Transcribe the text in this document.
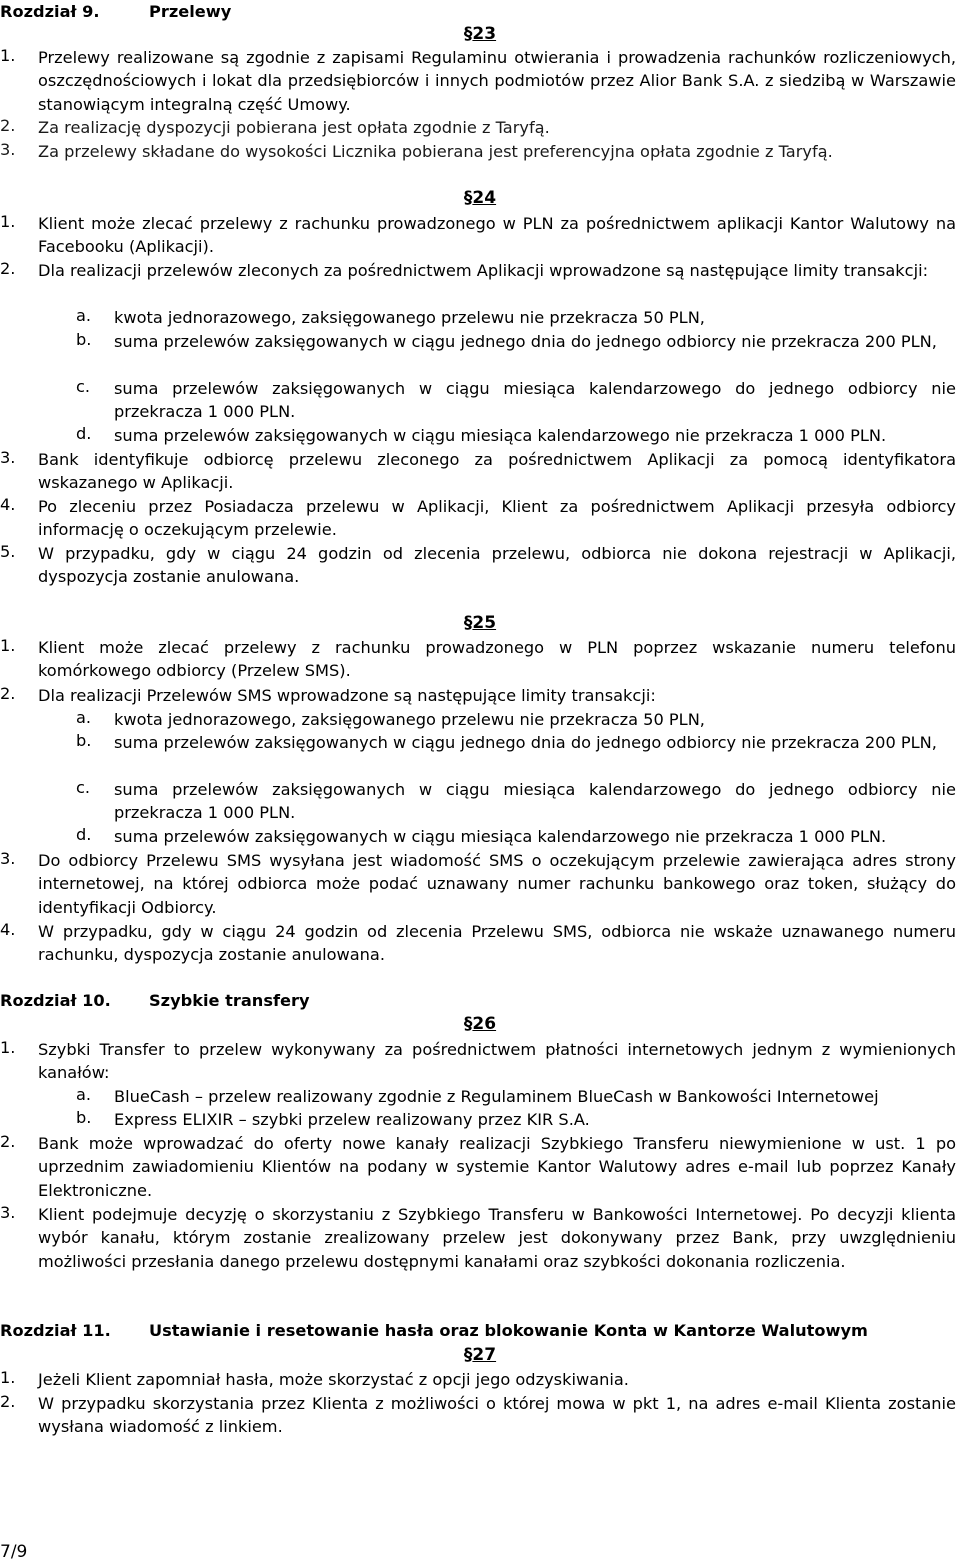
Rozdział 9.	Przelewy
§23
1. Przelewy realizowane są zgodnie z zapisami Regulaminu otwierania i prowadzenia rachunków rozliczeniowych, oszczędnościowych i lokat dla przedsiębiorców i innych podmiotów przez Alior Bank S.A. z siedzibą w Warszawie stanowiącym integralną część Umowy.
2. Za realizację dyspozycji pobierana jest opłata zgodnie z Taryfą.
3. Za przelewy składane do wysokości Licznika pobierana jest preferencyjna opłata zgodnie z Taryfą.
§24
1. Klient może zlecać przelewy z rachunku prowadzonego w PLN za pośrednictwem aplikacji Kantor Walutowy na Facebooku (Aplikacji).
2. Dla realizacji przelewów zleconych za pośrednictwem Aplikacji wprowadzone są następujące limity transakcji:
a. kwota jednorazowego, zaksięgowanego przelewu nie przekracza 50 PLN,
b. suma przelewów zaksięgowanych w ciągu jednego dnia do jednego odbiorcy nie przekracza 200 PLN,
c. suma przelewów zaksięgowanych w ciągu miesiąca kalendarzowego do jednego odbiorcy nie przekracza 1 000 PLN.
d. suma przelewów zaksięgowanych w ciągu miesiąca kalendarzowego nie przekracza 1 000 PLN.
3. Bank identyfikuje odbiorcę przelewu zleconego za pośrednictwem Aplikacji za pomocą identyfikatora wskazanego w Aplikacji.
4. Po zleceniu przez Posiadacza przelewu w Aplikacji, Klient za pośrednictwem Aplikacji przesyła odbiorcy informację o oczekującym przelewie.
5. W przypadku, gdy w ciągu 24 godzin od zlecenia przelewu, odbiorca nie dokona rejestracji w Aplikacji, dyspozycja zostanie anulowana.
§25
1. Klient może zlecać przelewy z rachunku prowadzonego w PLN poprzez wskazanie numeru telefonu komórkowego odbiorcy (Przelew SMS).
2. Dla realizacji Przelewów SMS wprowadzone są następujące limity transakcji:
a. kwota jednorazowego, zaksięgowanego przelewu nie przekracza 50 PLN,
b. suma przelewów zaksięgowanych w ciągu jednego dnia do jednego odbiorcy nie przekracza 200 PLN,
c. suma przelewów zaksięgowanych w ciągu miesiąca kalendarzowego do jednego odbiorcy nie przekracza 1 000 PLN.
d. suma przelewów zaksięgowanych w ciągu miesiąca kalendarzowego nie przekracza 1 000 PLN.
3. Do odbiorcy Przelewu SMS wysyłana jest wiadomość SMS o oczekującym przelewie zawierająca adres strony internetowej, na której odbiorca może podać uznawany numer rachunku bankowego oraz token, służący do identyfikacji Odbiorcy.
4. W przypadku, gdy w ciągu 24 godzin od zlecenia Przelewu SMS, odbiorca nie wskaże uznawanego numeru rachunku, dyspozycja zostanie anulowana.
Rozdział 10. Szybkie transfery
§26
1. Szybki Transfer to przelew wykonywany za pośrednictwem płatności internetowych jednym z wymienionych kanałów:
a. BlueCash – przelew realizowany zgodnie z Regulaminem BlueCash w Bankowości Internetowej
b. Express ELIXIR – szybki przelew realizowany przez KIR S.A.
2. Bank może wprowadzać do oferty nowe kanały realizacji Szybkiego Transferu niewymienione w ust. 1 po uprzednim zawiadomieniu Klientów na podany w systemie Kantor Walutowy adres e-mail lub poprzez Kanały Elektroniczne.
3. Klient podejmuje decyzję o skorzystaniu z Szybkiego Transferu w Bankowości Internetowej. Po decyzji klienta wybór kanału, którym zostanie zrealizowany przelew jest dokonywany przez Bank, przy uwzględnieniu możliwości przesłania danego przelewu dostępnymi kanałami oraz szybkości dokonania rozliczenia.
Rozdział 11. Ustawianie i resetowanie hasła oraz blokowanie Konta w Kantorze Walutowym
§27
1. Jeżeli Klient zapomniał hasła, może skorzystać z opcji jego odzyskiwania.
2. W przypadku skorzystania przez Klienta z możliwości o której mowa w pkt 1, na adres e-mail Klienta zostanie wysłana wiadomość z linkiem.
7/9
